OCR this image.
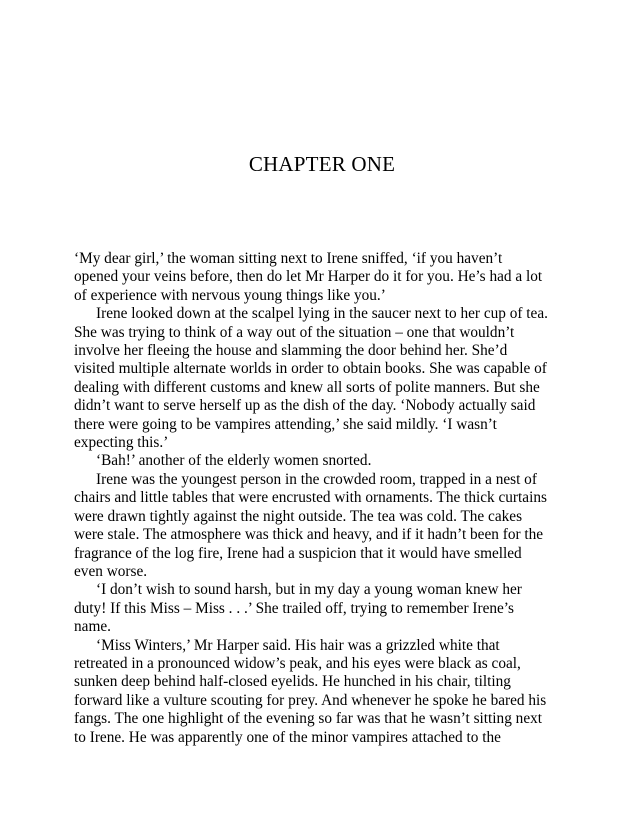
CHAPTER ONE

‘My dear girl,’ the woman sitting next to Irene sniffed, ‘if you haven’t
opened your veins before, then do let Mr Harper do it for you. He’s had a lot
of experience with nervous young things like you.’

Irene looked down at the scalpel lying in the saucer next to her cup of tea.
She was trying to think of a way out of the situation – one that wouldn’t
involve her fleeing the house and slamming the door behind her. She’d
visited multiple alternate worlds in order to obtain books. She was capable of
dealing with different customs and knew all sorts of polite manners. But she
didn’t want to serve herself up as the dish of the day. ‘Nobody actually said
there were going to be vampires attending,’ she said mildly. ‘I wasn’t
expecting this.’

‘Bah!’ another of the elderly women snorted.

Irene was the youngest person in the crowded room, trapped in a nest of
chairs and little tables that were encrusted with ornaments. The thick curtains
were drawn tightly against the night outside. The tea was cold. The cakes
were stale. The atmosphere was thick and heavy, and if it hadn’t been for the
fragrance of the log fire, Irene had a suspicion that it would have smelled
even worse.

‘I don’t wish to sound harsh, but in my day a young woman knew her
duty! If this Miss – Miss . . .’ She trailed off, trying to remember Irene’s
name.

‘Miss Winters,’ Mr Harper said. His hair was a grizzled white that
retreated in a pronounced widow’s peak, and his eyes were black as coal,
sunken deep behind half-closed eyelids. He hunched in his chair, tilting
forward like a vulture scouting for prey. And whenever he spoke he bared his
fangs. The one highlight of the evening so far was that he wasn’t sitting next
to Irene. He was apparently one of the minor vampires attached to the
